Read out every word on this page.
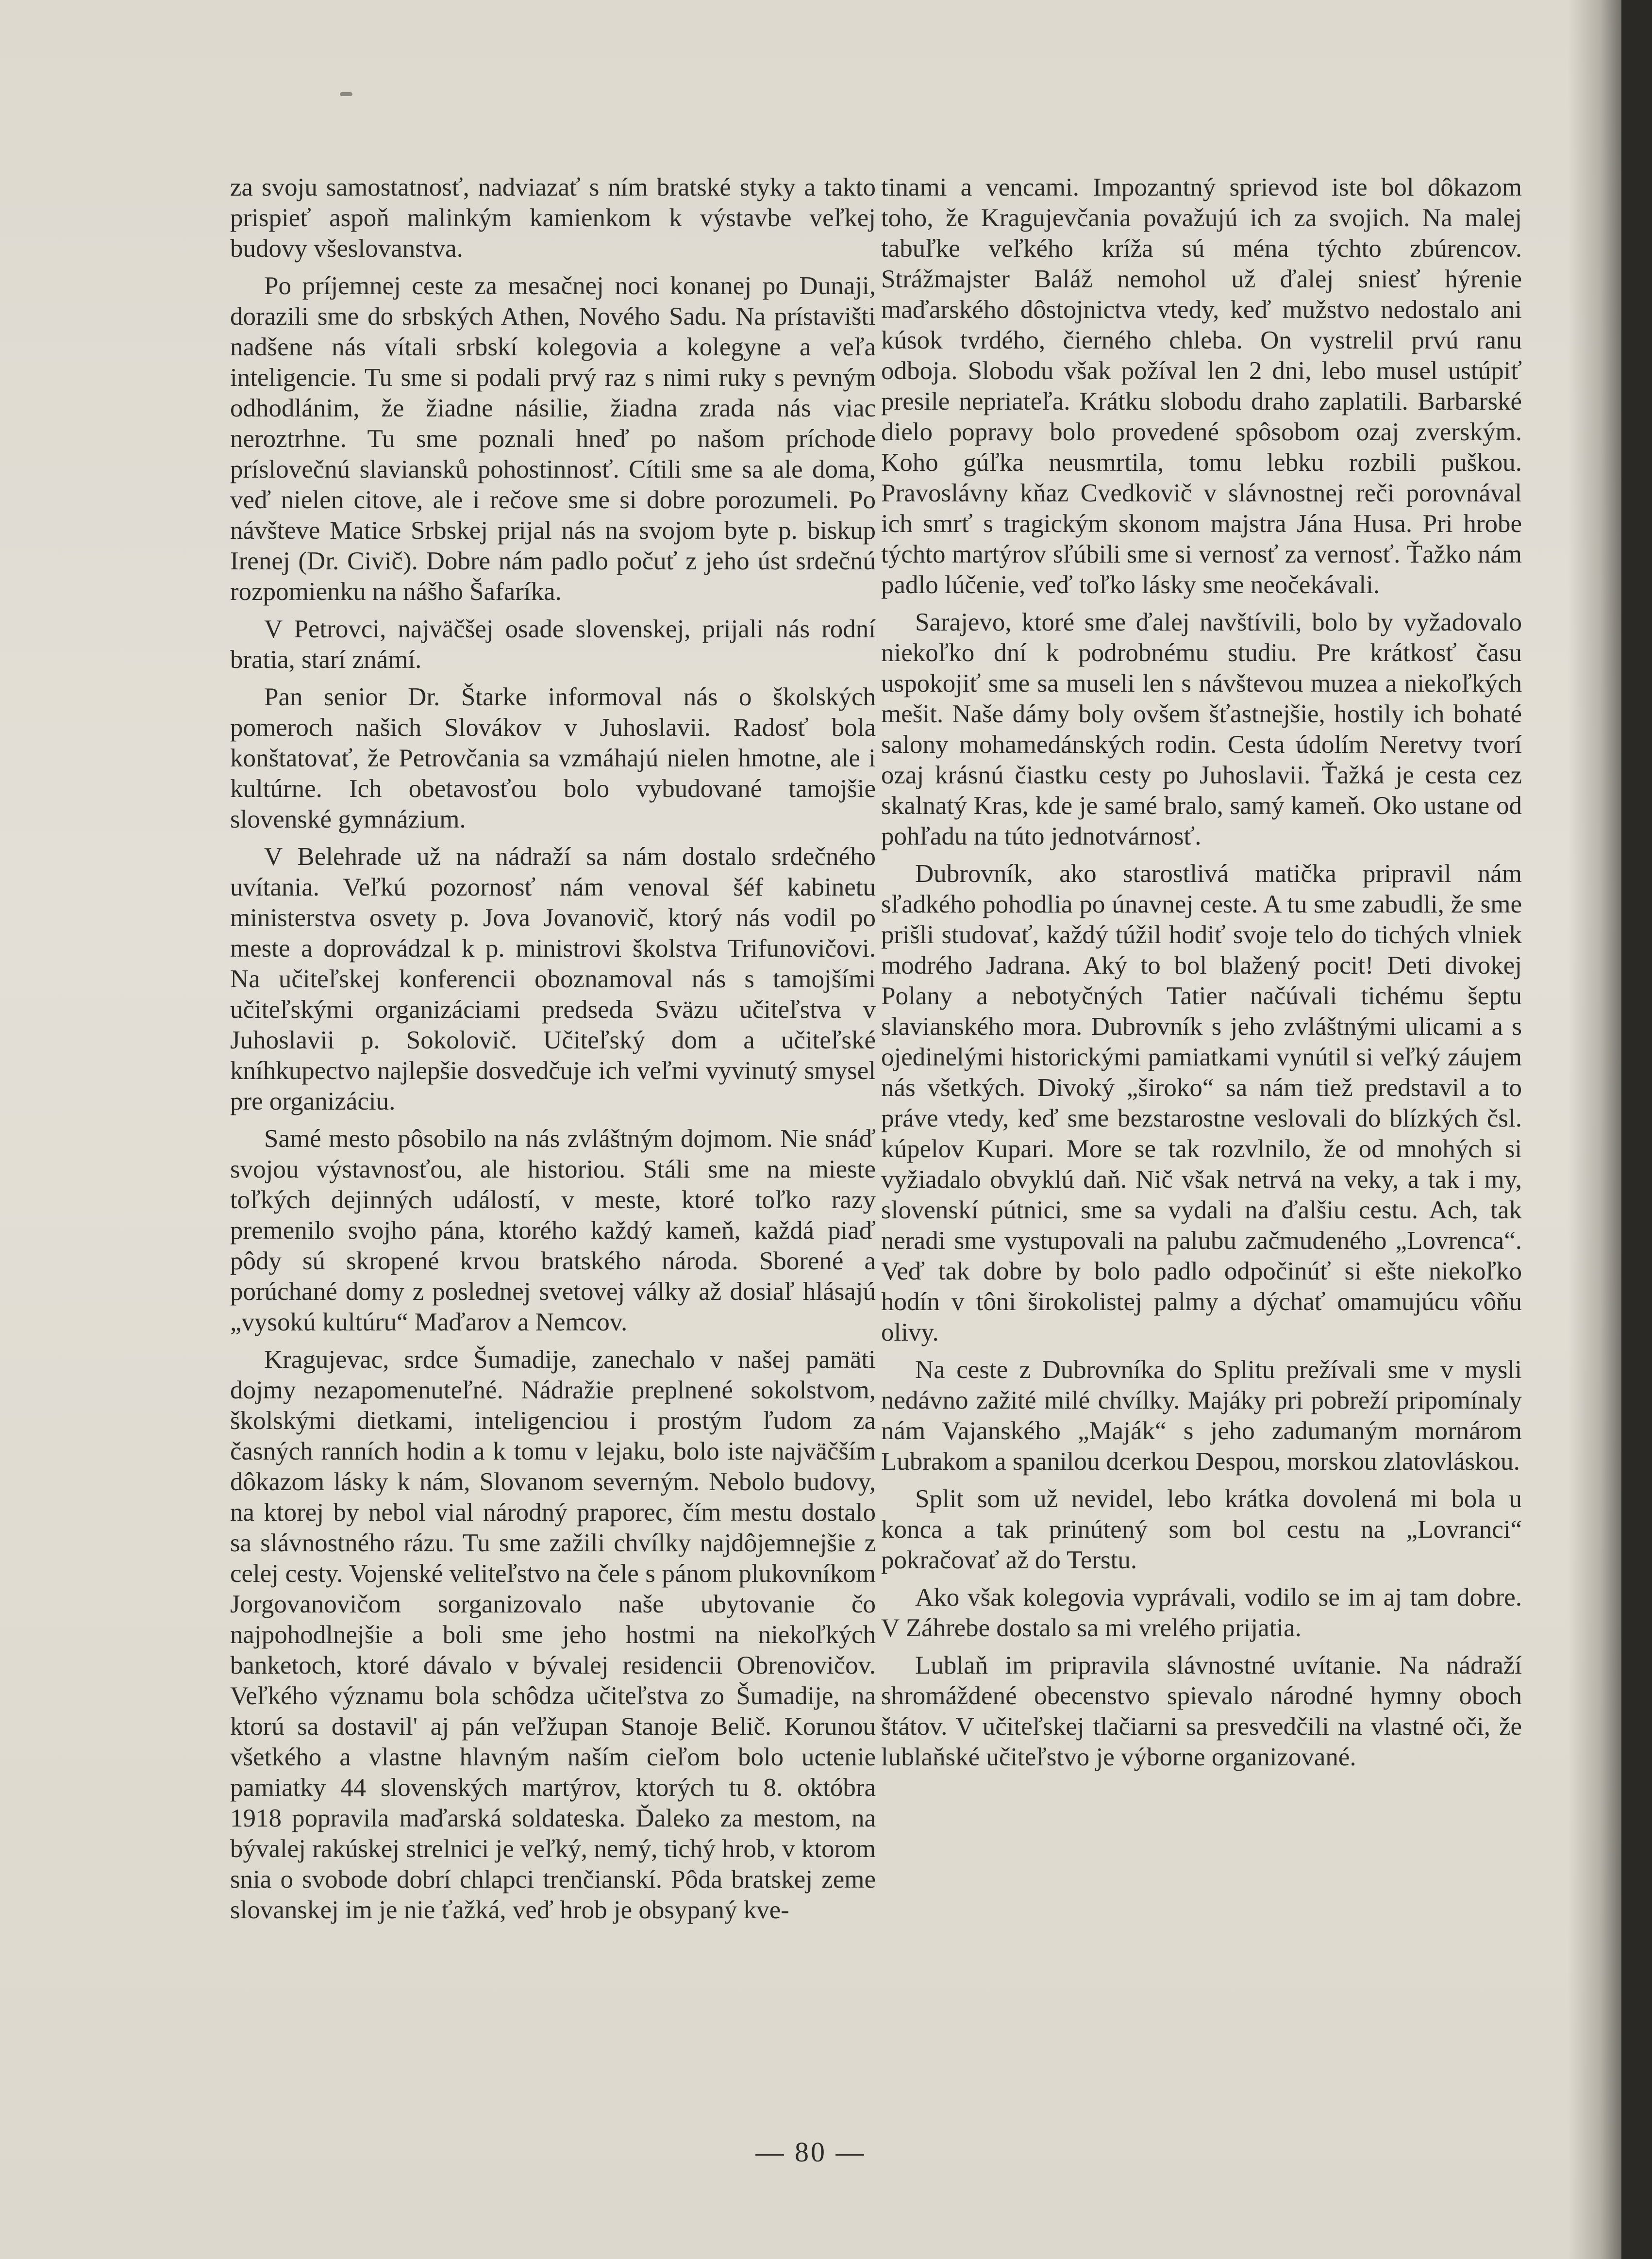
za svoju samostatnosť, nadviazať s ním bratské styky a takto prispieť aspoň malinkým kamienkom k výstavbe veľkej budovy všeslovanstva.

Po príjemnej ceste za mesačnej noci konanej po Dunaji, dorazili sme do srbských Athen, Nového Sadu. Na prístavišti nadšene nás vítali srbskí kolegovia a kolegyne a veľa inteligencie. Tu sme si podali prvý raz s nimi ruky s pevným odhodlánim, že žiadne násilie, žiadna zrada nás viac neroztrhne. Tu sme poznali hneď po našom príchode príslovečnú slaviansků pohostinnosť. Cítili sme sa ale doma, veď nielen citove, ale i rečove sme si dobre porozumeli. Po návšteve Matice Srbskej prijal nás na svojom byte p. biskup Irenej (Dr. Civič). Dobre nám padlo počuť z jeho úst srdečnú rozpomienku na nášho Šafaríka.

V Petrovci, najväčšej osade slovenskej, prijali nás rodní bratia, starí známí.

Pan senior Dr. Štarke informoval nás o školských pomeroch našich Slovákov v Juhoslavii. Radosť bola konštatovať, že Petrovčania sa vzmáhajú nielen hmotne, ale i kultúrne. Ich obetavosťou bolo vybudované tamojšie slovenské gymnázium.

V Belehrade už na nádraží sa nám dostalo srdečného uvítania. Veľkú pozornosť nám venoval šéf kabinetu ministerstva osvety p. Jova Jovanovič, ktorý nás vodil po meste a doprovádzal k p. ministrovi školstva Trifunovičovi. Na učiteľskej konferencii oboznamoval nás s tamojšími učiteľskými organizáciami predseda Sväzu učiteľstva v Juhoslavii p. Sokolovič. Učiteľský dom a učiteľské kníhkupectvo najlepšie dosvedčuje ich veľmi vyvinutý smysel pre organizáciu.

Samé mesto pôsobilo na nás zvláštným dojmom. Nie snáď svojou výstavnosťou, ale historiou. Stáli sme na mieste toľkých dejinných událostí, v meste, ktoré toľko razy premenilo svojho pána, ktorého každý kameň, každá piaď pôdy sú skropené krvou bratského národa. Sborené a porúchané domy z poslednej svetovej války až dosiaľ hlásajú „vysokú kultúru“ Maďarov a Nemcov.

Kragujevac, srdce Šumadije, zanechalo v našej pamäti dojmy nezapomenuteľné. Nádražie preplnené sokolstvom, školskými dietkami, inteligenciou i prostým ľudom za časných ranních hodin a k tomu v lejaku, bolo iste najväčším dôkazom lásky k nám, Slovanom severným. Nebolo budovy, na ktorej by nebol vial národný praporec, čím mestu dostalo sa slávnostného rázu. Tu sme zažili chvílky najdôjemnejšie z celej cesty. Vojenské veliteľstvo na čele s pánom plukovníkom Jorgovanovičom sorganizovalo naše ubytovanie čo najpohodlnejšie a boli sme jeho hostmi na niekoľkých banketoch, ktoré dávalo v bývalej residencii Obrenovičov. Veľkého významu bola schôdza učiteľstva zo Šumadije, na ktorú sa dostavil' aj pán veľžupan Stanoje Belič. Korunou všetkého a vlastne hlavným naším cieľom bolo uctenie pamiatky 44 slovenských martýrov, ktorých tu 8. októbra 1918 popravila maďarská soldateska. Ďaleko za mestom, na bývalej rakúskej strelnici je veľký, nemý, tichý hrob, v ktorom snia o svobode dobrí chlapci trenčianskí. Pôda bratskej zeme slovanskej im je nie ťažká, veď hrob je obsypaný kve-

tinami a vencami. Impozantný sprievod iste bol dôkazom toho, že Kragujevčania považujú ich za svojich. Na malej tabuľke veľkého kríža sú ména týchto zbúrencov. Strážmajster Baláž nemohol už ďalej sniesť hýrenie maďarského dôstojnictva vtedy, keď mužstvo nedostalo ani kúsok tvrdého, čierného chleba. On vystrelil prvú ranu odboja. Slobodu však požíval len 2 dni, lebo musel ustúpiť presile nepriateľa. Krátku slobodu draho zaplatili. Barbarské dielo popravy bolo provedené spôsobom ozaj zverským. Koho gúľka neusmrtila, tomu lebku rozbili puškou. Pravoslávny kňaz Cvedkovič v slávnostnej reči porovnával ich smrť s tragickým skonom majstra Jána Husa. Pri hrobe týchto martýrov sľúbili sme si vernosť za vernosť. Ťažko nám padlo lúčenie, veď toľko lásky sme neočekávali.

Sarajevo, ktoré sme ďalej navštívili, bolo by vyžadovalo niekoľko dní k podrobnému studiu. Pre krátkosť času uspokojiť sme sa museli len s návštevou muzea a niekoľkých mešit. Naše dámy boly ovšem šťastnejšie, hostily ich bohaté salony mohamedánských rodin. Cesta údolím Neretvy tvorí ozaj krásnú čiastku cesty po Juhoslavii. Ťažká je cesta cez skalnatý Kras, kde je samé bralo, samý kameň. Oko ustane od pohľadu na túto jednotvárnosť.

Dubrovník, ako starostlivá matička pripravil nám sľadkého pohodlia po únavnej ceste. A tu sme zabudli, že sme prišli studovať, každý túžil hodiť svoje telo do tichých vlniek modrého Jadrana. Aký to bol blažený pocit! Deti divokej Polany a nebotyčných Tatier načúvali tichému šeptu slavianského mora. Dubrovník s jeho zvláštnými ulicami a s ojedinelými historickými pamiatkami vynútil si veľký záujem nás všetkých. Divoký „široko“ sa nám tiež predstavil a to práve vtedy, keď sme bezstarostne veslovali do blízkých čsl. kúpelov Kupari. More se tak rozvlnilo, že od mnohých si vyžiadalo obvyklú daň. Nič však netrvá na veky, a tak i my, slovenskí pútnici, sme sa vydali na ďalšiu cestu. Ach, tak neradi sme vystupovali na palubu začmudeného „Lovrenca“. Veď tak dobre by bolo padlo odpočinúť si ešte niekoľko hodín v tôni širokolistej palmy a dýchať omamujúcu vôňu olivy.

Na ceste z Dubrovníka do Splitu prežívali sme v mysli nedávno zažité milé chvílky. Majáky pri pobreží pripomínaly nám Vajanského „Maják“ s jeho zadumaným mornárom Lubrakom a spanilou dcerkou Despou, morskou zlatovláskou.

Split som už nevidel, lebo krátka dovolená mi bola u konca a tak prinútený som bol cestu na „Lovranci“ pokračovať až do Terstu.

Ako však kolegovia vyprávali, vodilo se im aj tam dobre. V Záhrebe dostalo sa mi vrelého prijatia.

Lublaň im pripravila slávnostné uvítanie. Na nádraží shromáždené obecenstvo spievalo národné hymny oboch štátov. V učiteľskej tlačiarni sa presvedčili na vlastné oči, že lublaňské učiteľstvo je výborne organizované.

— 80 —
